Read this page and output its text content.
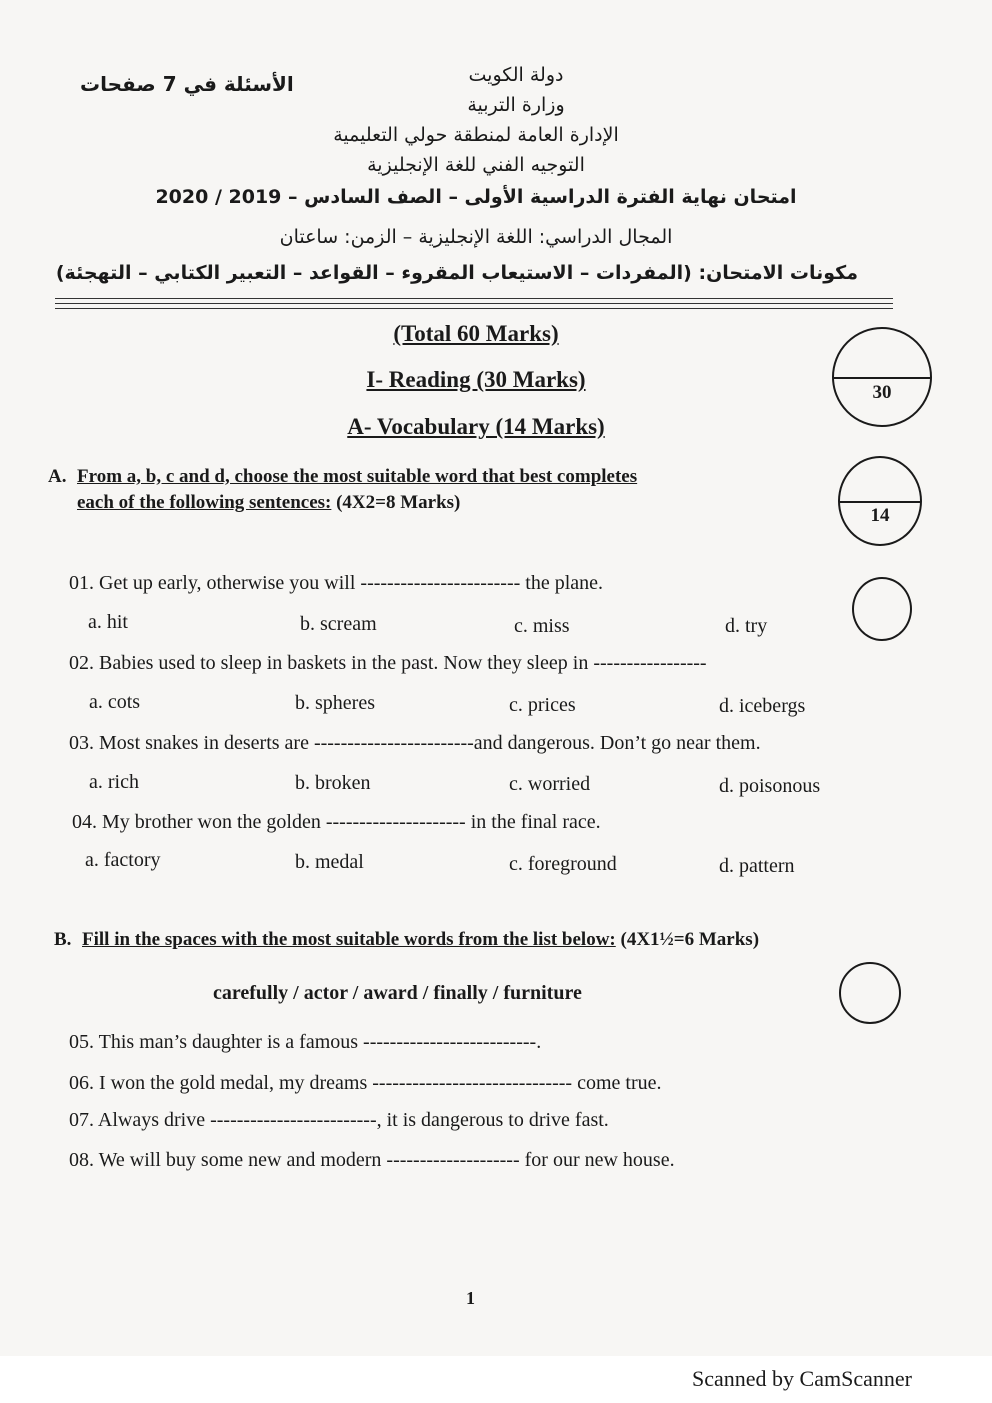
الأسئلة في 7 صفحات	دولة الكويت
وزارة التربية
الإدارة العامة لمنطقة حولي التعليمية
التوجيه الفني للغة الإنجليزية
امتحان نهاية الفترة الدراسية الأولى – الصف السادس – 2019 / 2020
المجال الدراسي: اللغة الإنجليزية – الزمن: ساعتان
مكونات الامتحان: (المفردات – الاستيعاب المقروء – القواعد – التعبير الكتابي – التهجئة)
(Total 60 Marks)
I- Reading (30 Marks)
A- Vocabulary (14 Marks)
30
14
A. From a, b, c and d, choose the most suitable word that best completes
each of the following sentences: (4X2=8 Marks)
01. Get up early, otherwise you will ------------------------ the plane.
a. hit	b. scream	c. miss	d. try
02. Babies used to sleep in baskets in the past. Now they sleep in -----------------
a. cots	b. spheres	c. prices	d. icebergs
03. Most snakes in deserts are ------------------------and dangerous. Don’t go near them.
a. rich	b. broken	c. worried	d. poisonous
04. My brother won the golden --------------------- in the final race.
a. factory	b. medal	c. foreground	d. pattern
B. Fill in the spaces with the most suitable words from the list below: (4X1½=6 Marks)
carefully / actor / award / finally / furniture
05. This man’s daughter is a famous --------------------------.
06. I won the gold medal, my dreams ------------------------------ come true.
07. Always drive -------------------------, it is dangerous to drive fast.
08. We will buy some new and modern -------------------- for our new house.
1
Scanned by CamScanner
